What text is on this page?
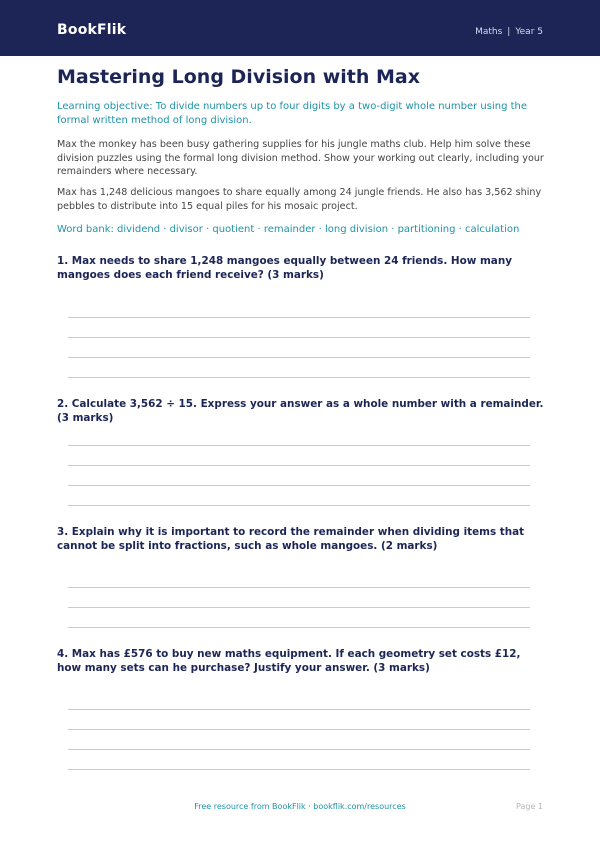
BookFlik	Maths | Year 5
Mastering Long Division with Max
Learning objective: To divide numbers up to four digits by a two-digit whole number using the formal written method of long division.
Max the monkey has been busy gathering supplies for his jungle maths club. Help him solve these division puzzles using the formal long division method. Show your working out clearly, including your remainders where necessary.
Max has 1,248 delicious mangoes to share equally among 24 jungle friends. He also has 3,562 shiny pebbles to distribute into 15 equal piles for his mosaic project.
Word bank: dividend · divisor · quotient · remainder · long division · partitioning · calculation
1. Max needs to share 1,248 mangoes equally between 24 friends. How many mangoes does each friend receive? (3 marks)
2. Calculate 3,562 ÷ 15. Express your answer as a whole number with a remainder. (3 marks)
3. Explain why it is important to record the remainder when dividing items that cannot be split into fractions, such as whole mangoes. (2 marks)
4. Max has £576 to buy new maths equipment. If each geometry set costs £12, how many sets can he purchase? Justify your answer. (3 marks)
Free resource from BookFlik · bookflik.com/resources	Page 1
